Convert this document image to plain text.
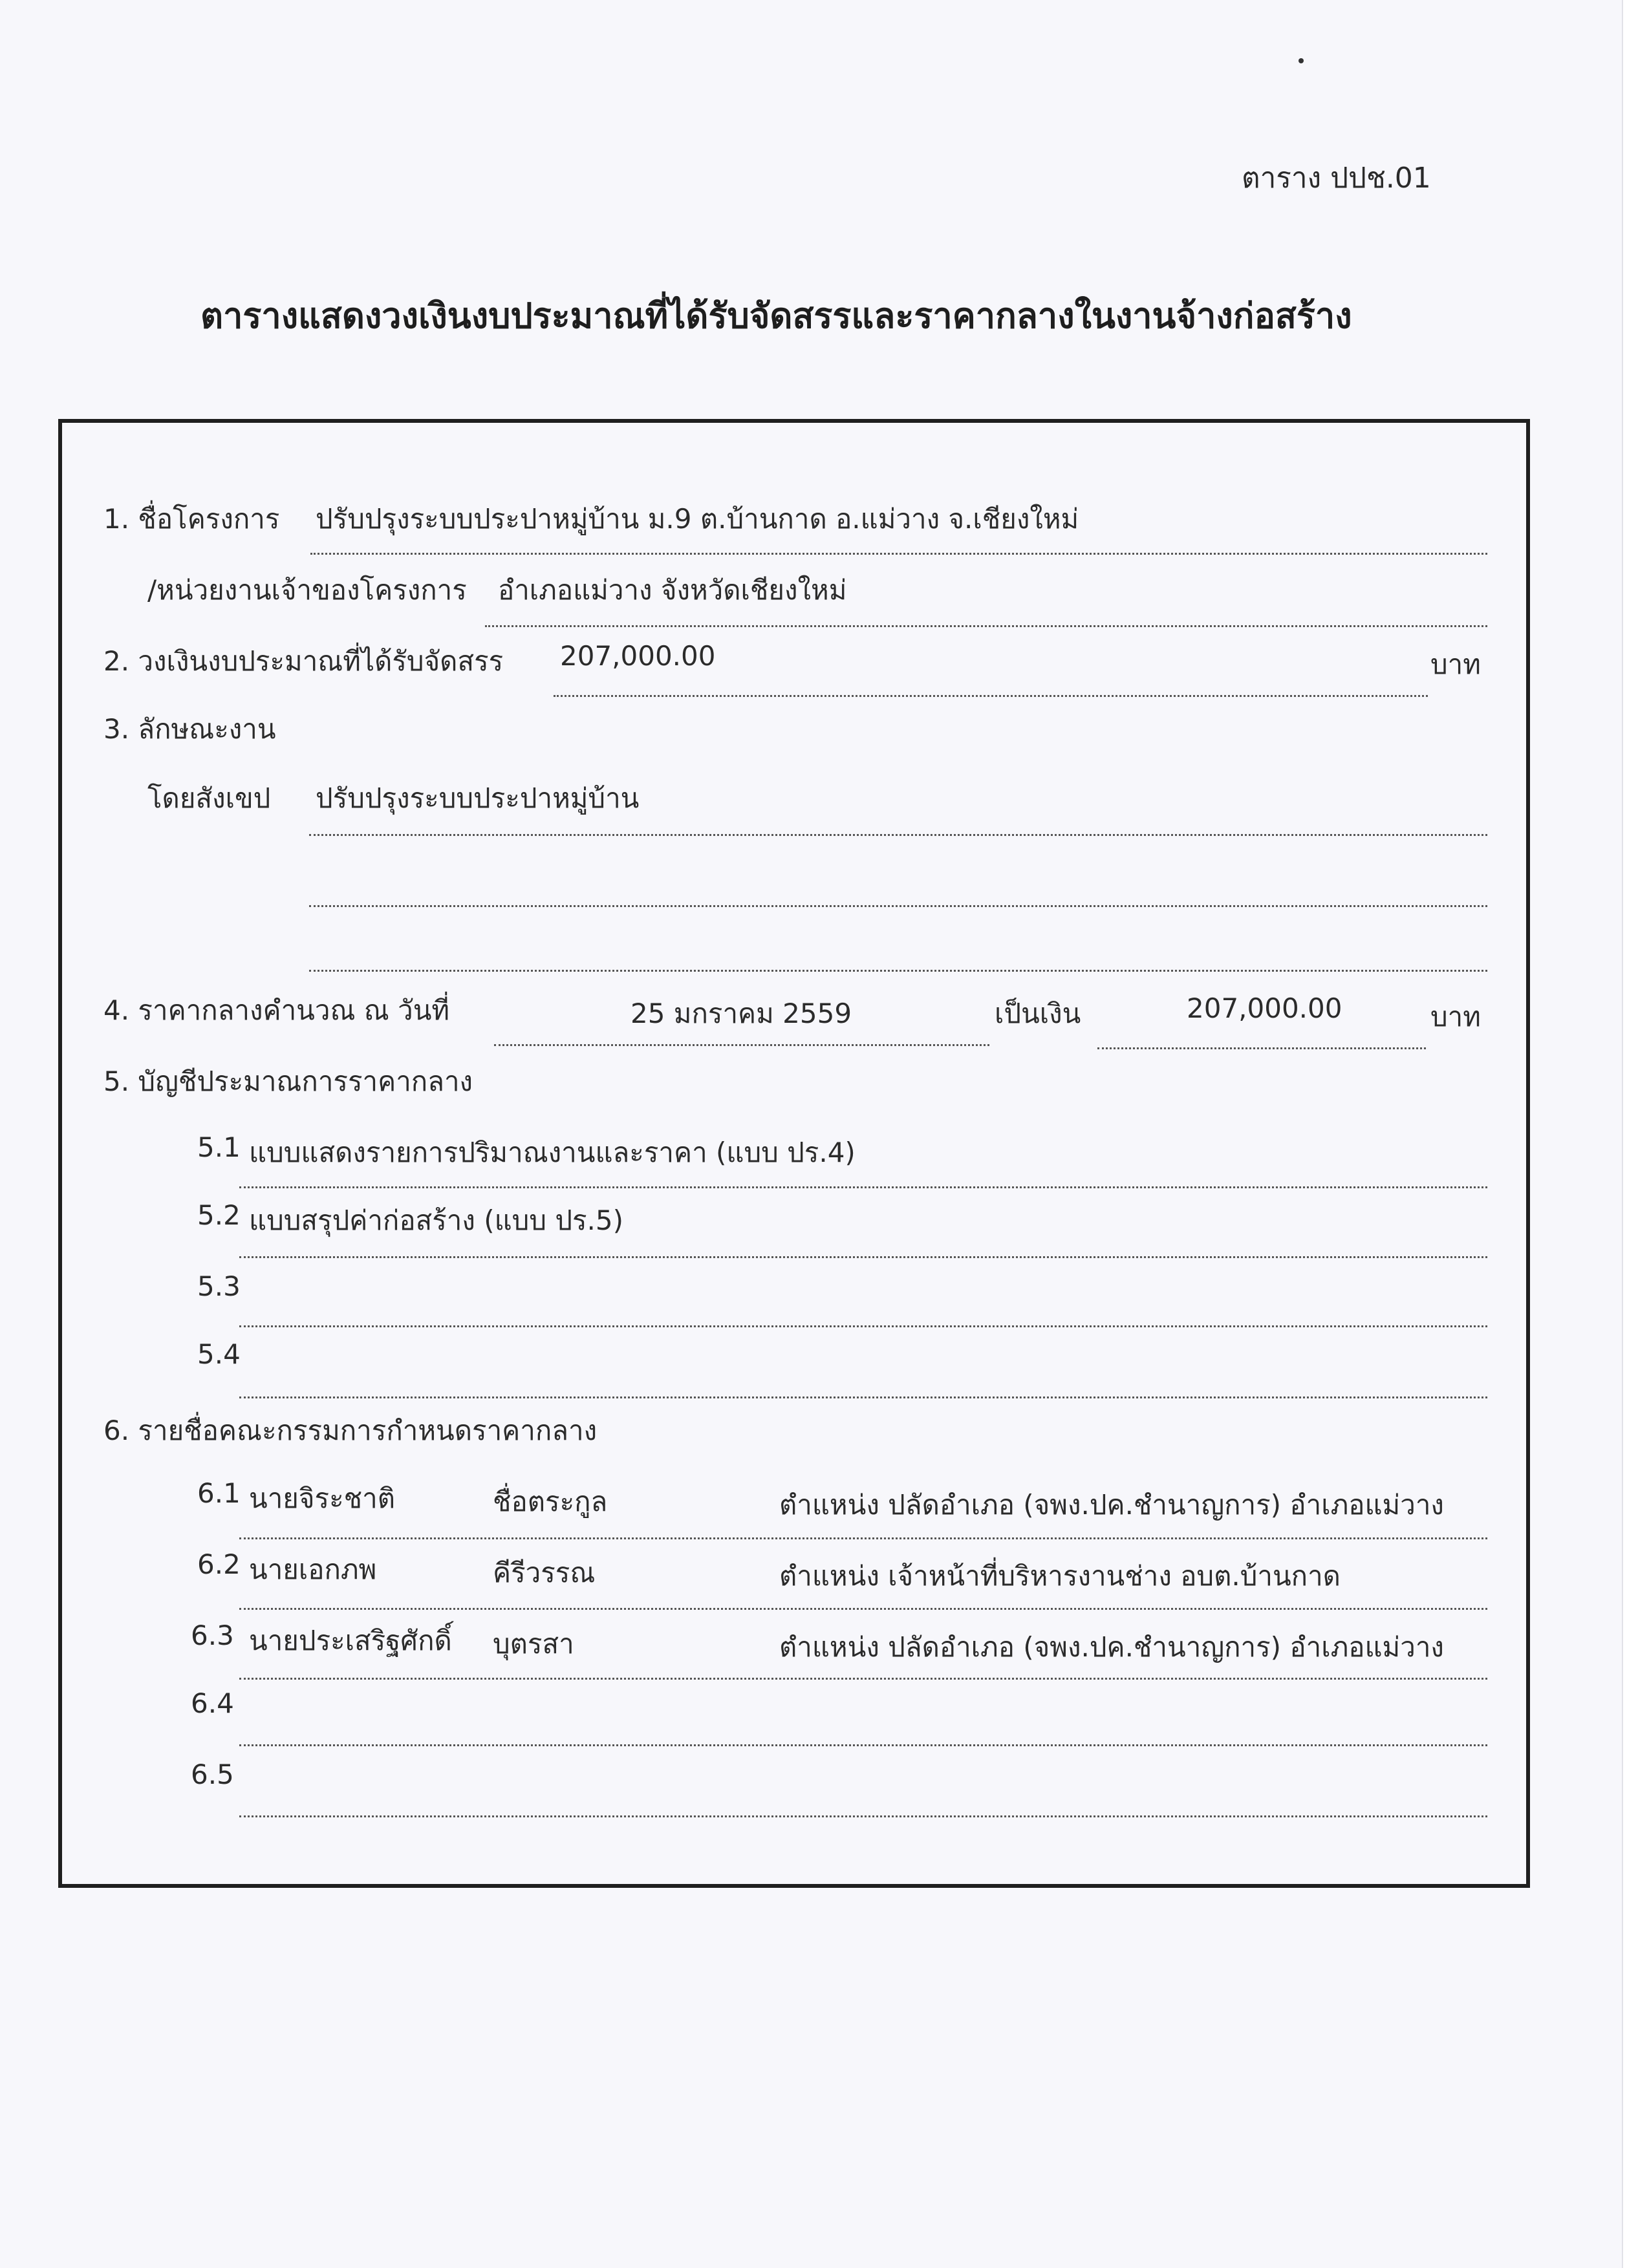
ตาราง ปปช.01
ตารางแสดงวงเงินงบประมาณที่ได้รับจัดสรรและราคากลางในงานจ้างก่อสร้าง
1. ชื่อโครงการ ปรับปรุงระบบประปาหมู่บ้าน ม.9 ต.บ้านกาด อ.แม่วาง จ.เชียงใหม่
/หน่วยงานเจ้าของโครงการ อำเภอแม่วาง จังหวัดเชียงใหม่
2. วงเงินงบประมาณที่ได้รับจัดสรร 207,000.00	บาท
3. ลักษณะงาน
โดยสังเขป ปรับปรุงระบบประปาหมู่บ้าน
4. ราคากลางคำนวณ ณ วันที่	25 มกราคม 2559	เป็นเงิน	207,000.00	บาท
5. บัญชีประมาณการราคากลาง
5.1 แบบแสดงรายการปริมาณงานและราคา (แบบ ปร.4)
5.2 แบบสรุปค่าก่อสร้าง (แบบ ปร.5)
5.3
5.4
6. รายชื่อคณะกรรมการกำหนดราคากลาง
6.1 นายจิระชาติ	ชื่อตระกูล	ตำแหน่ง ปลัดอำเภอ (จพง.ปค.ชำนาญการ) อำเภอแม่วาง
6.2 นายเอกภพ	คีรีวรรณ	ตำแหน่ง เจ้าหน้าที่บริหารงานช่าง อบต.บ้านกาด
6.3 นายประเสริฐศักดิ์ บุตรสา	ตำแหน่ง ปลัดอำเภอ (จพง.ปค.ชำนาญการ) อำเภอแม่วาง
6.4
6.5
